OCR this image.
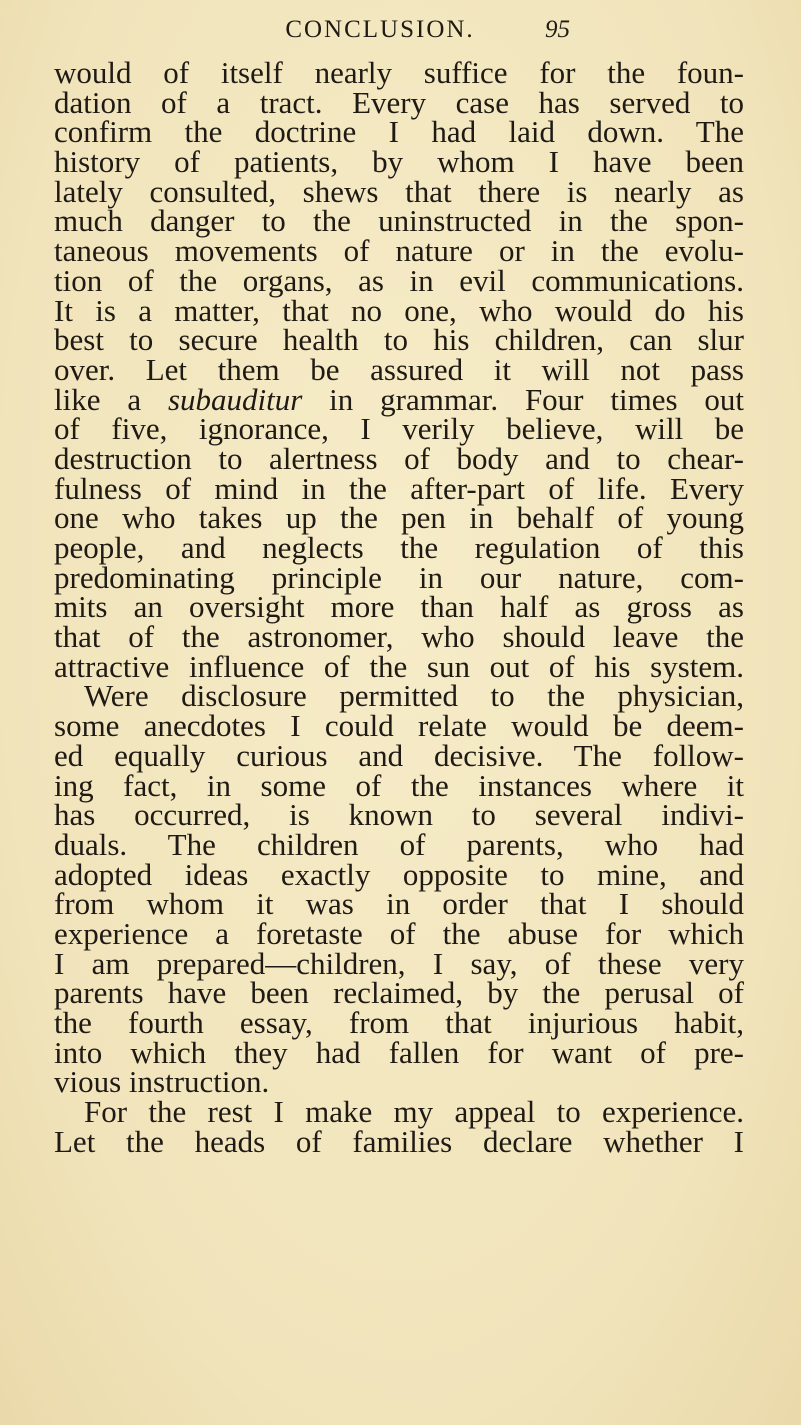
CONCLUSION.	95
would of itself nearly suffice for the foun-
dation of a tract. Every case has served to
confirm the doctrine I had laid down. The
history of patients, by whom I have been
lately consulted, shews that there is nearly as
much danger to the uninstructed in the spon-
taneous movements of nature or in the evolu-
tion of the organs, as in evil communications.
It is a matter, that no one, who would do his
best to secure health to his children, can slur
over. Let them be assured it will not pass
like a subauditur in grammar. Four times out
of five, ignorance, I verily believe, will be
destruction to alertness of body and to chear-
fulness of mind in the after-part of life. Every
one who takes up the pen in behalf of young
people, and neglects the regulation of this
predominating principle in our nature, com-
mits an oversight more than half as gross as
that of the astronomer, who should leave the
attractive influence of the sun out of his system.
Were disclosure permitted to the physician,
some anecdotes I could relate would be deem-
ed equally curious and decisive. The follow-
ing fact, in some of the instances where it
has occurred, is known to several indivi-
duals. The children of parents, who had
adopted ideas exactly opposite to mine, and
from whom it was in order that I should
experience a foretaste of the abuse for which
I am prepared—children, I say, of these very
parents have been reclaimed, by the perusal of
the fourth essay, from that injurious habit,
into which they had fallen for want of pre-
vious instruction.
For the rest I make my appeal to experience.
Let the heads of families declare whether I
